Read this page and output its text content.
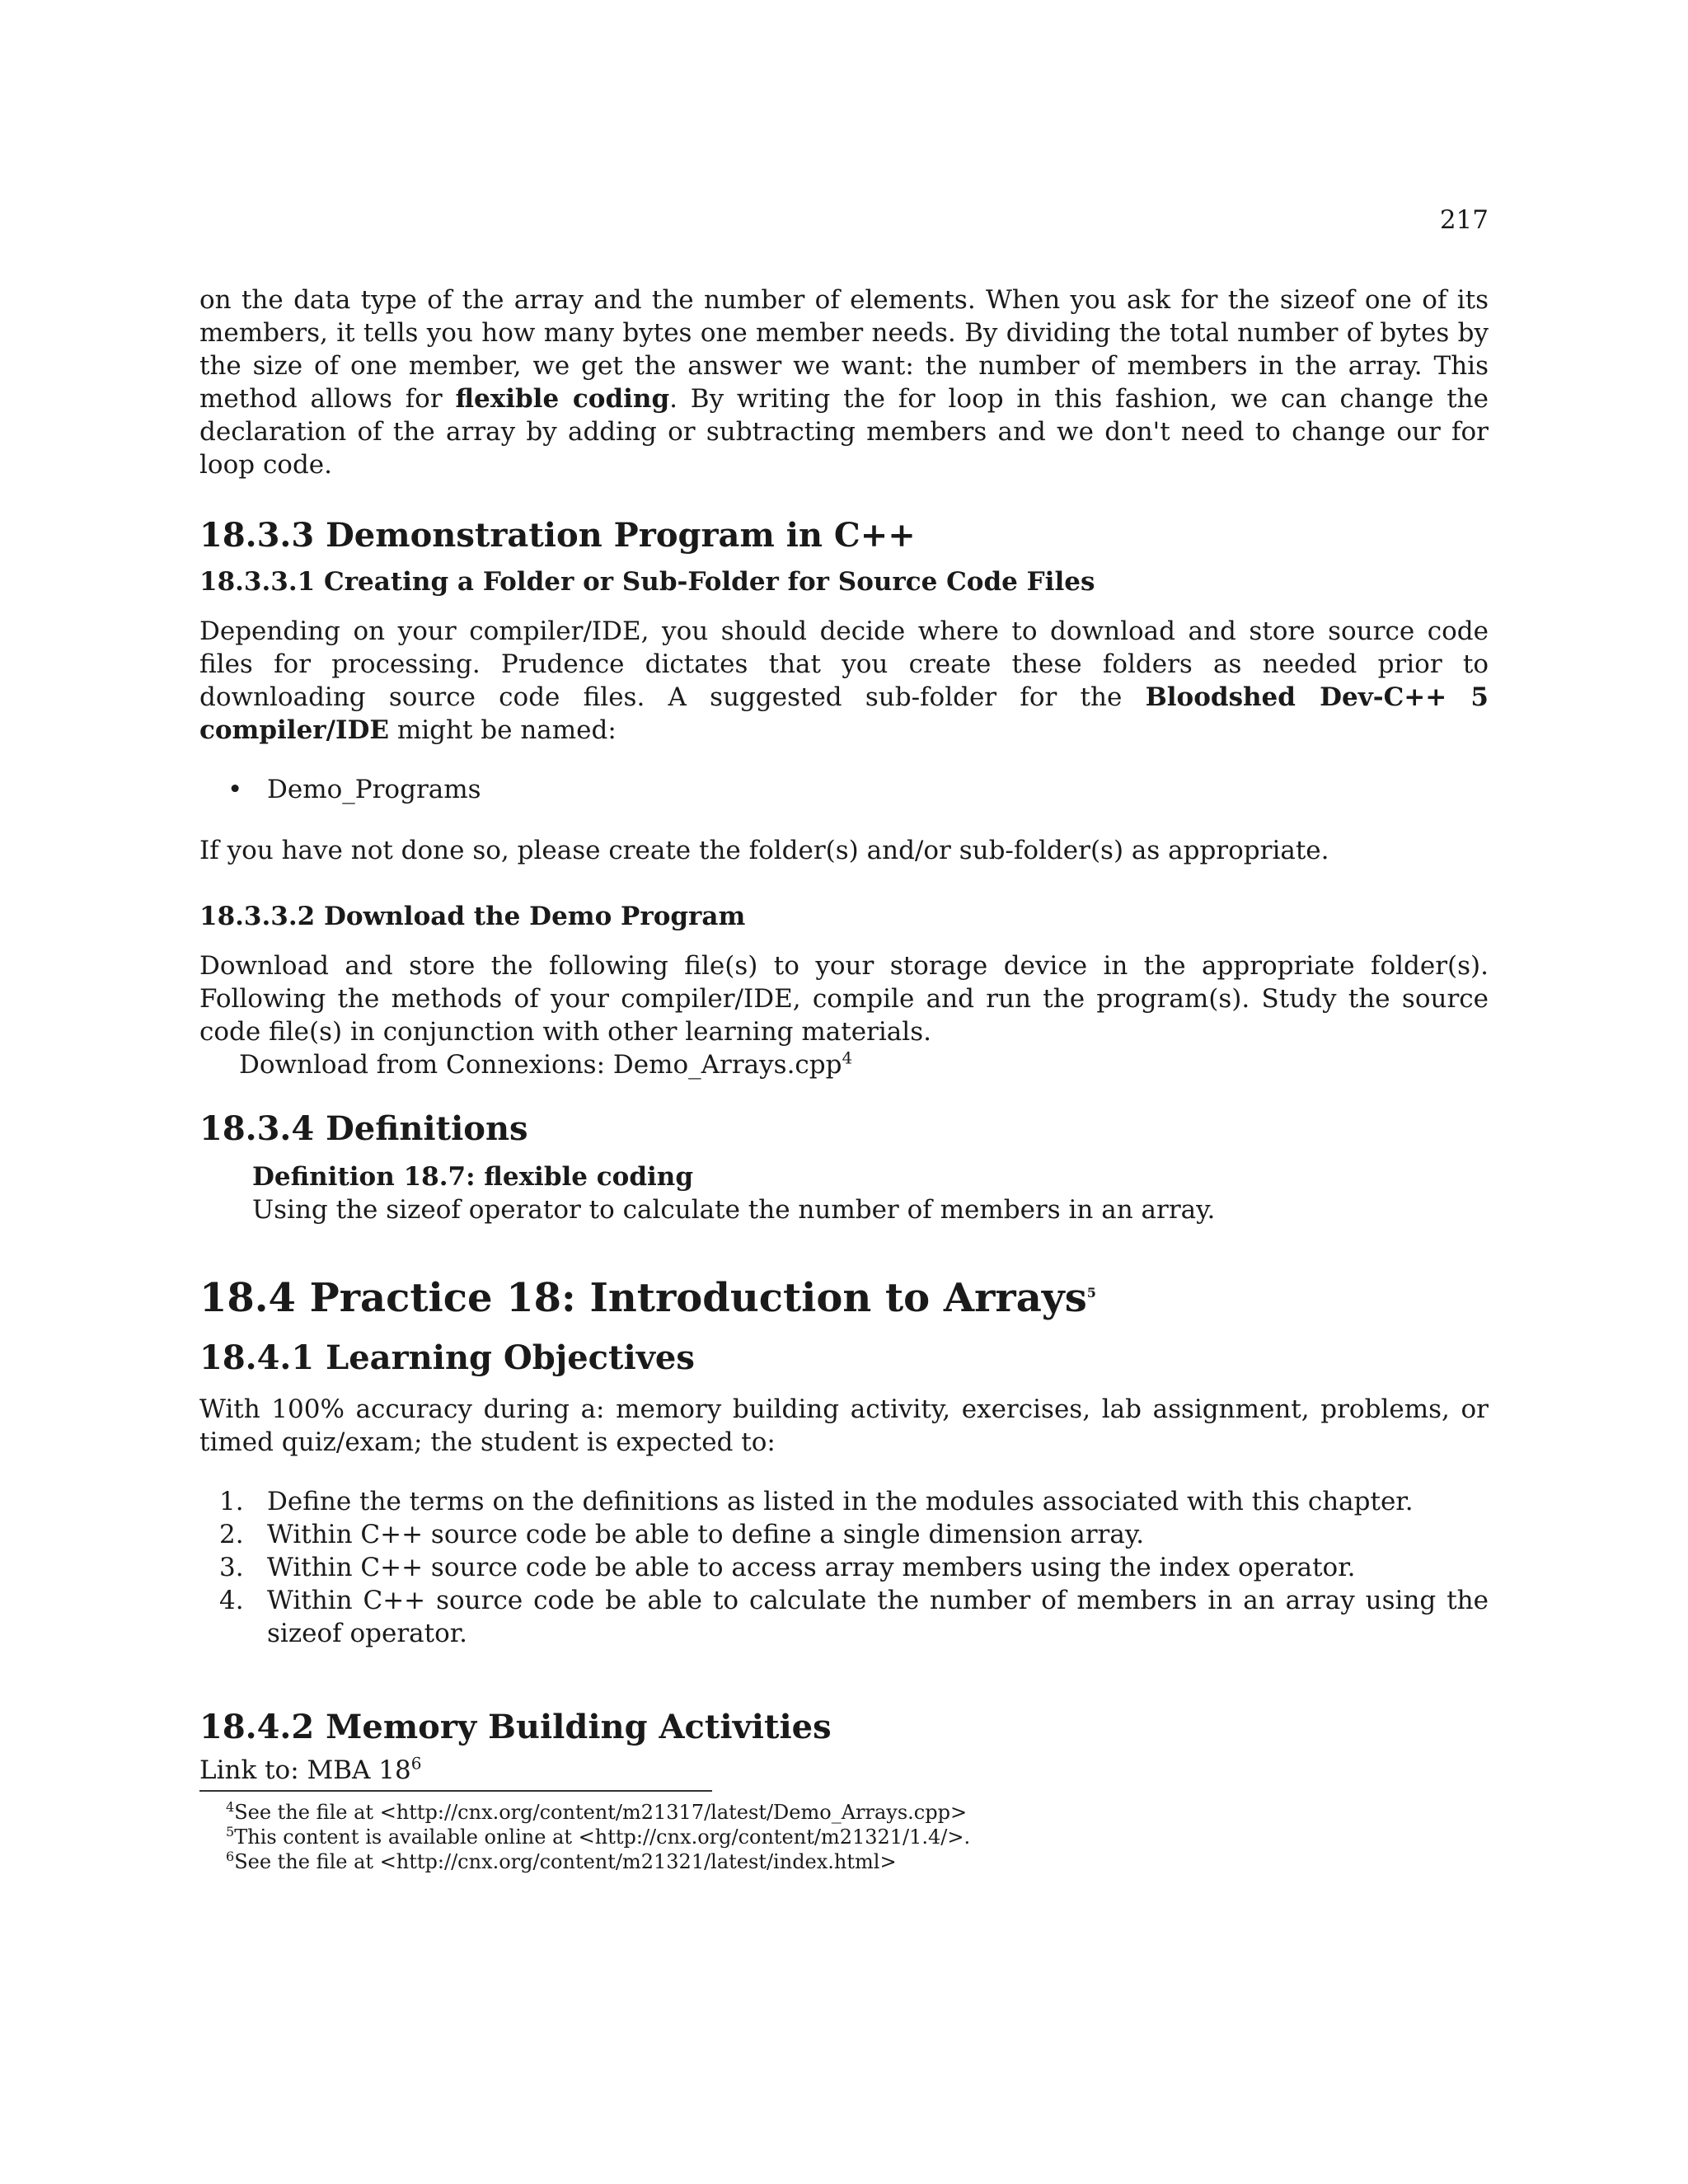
217

on the data type of the array and the number of elements. When you ask for the sizeof one of its members, it tells you how many bytes one member needs. By dividing the total number of bytes by the size of one member, we get the answer we want: the number of members in the array. This method allows for flexible coding. By writing the for loop in this fashion, we can change the declaration of the array by adding or subtracting members and we don't need to change our for loop code.

18.3.3 Demonstration Program in C++
18.3.3.1 Creating a Folder or Sub-Folder for Source Code Files

Depending on your compiler/IDE, you should decide where to download and store source code files for processing. Prudence dictates that you create these folders as needed prior to downloading source code files. A suggested sub-folder for the Bloodshed Dev-C++ 5 compiler/IDE might be named:

• Demo_Programs

If you have not done so, please create the folder(s) and/or sub-folder(s) as appropriate.

18.3.3.2 Download the Demo Program

Download and store the following file(s) to your storage device in the appropriate folder(s). Following the methods of your compiler/IDE, compile and run the program(s). Study the source code file(s) in conjunction with other learning materials.

Download from Connexions: Demo_Arrays.cpp$^4$

18.3.4 Definitions

Definition 18.7: flexible coding

Using the sizeof operator to calculate the number of members in an array.

18.4 Practice 18: Introduction to Arrays$^5$
18.4.1 Learning Objectives

With 100% accuracy during a: memory building activity, exercises, lab assignment, problems, or timed quiz/exam; the student is expected to:

1. Define the terms on the definitions as listed in the modules associated with this chapter.
2. Within C++ source code be able to define a single dimension array.
3. Within C++ source code be able to access array members using the index operator.
4. Within C++ source code be able to calculate the number of members in an array using the sizeof operator.
18.4.2 Memory Building Activities

Link to: MBA $18^6$

$^4$See the file at <http://cnx.org/content/m21317/latest/Demo_Arrays.cpp>

$^5$This content is available online at <http://cnx.org/content/m21321/1.4/>.

$^6$See the file at <http://cnx.org/content/m21321/latest/index.html>
